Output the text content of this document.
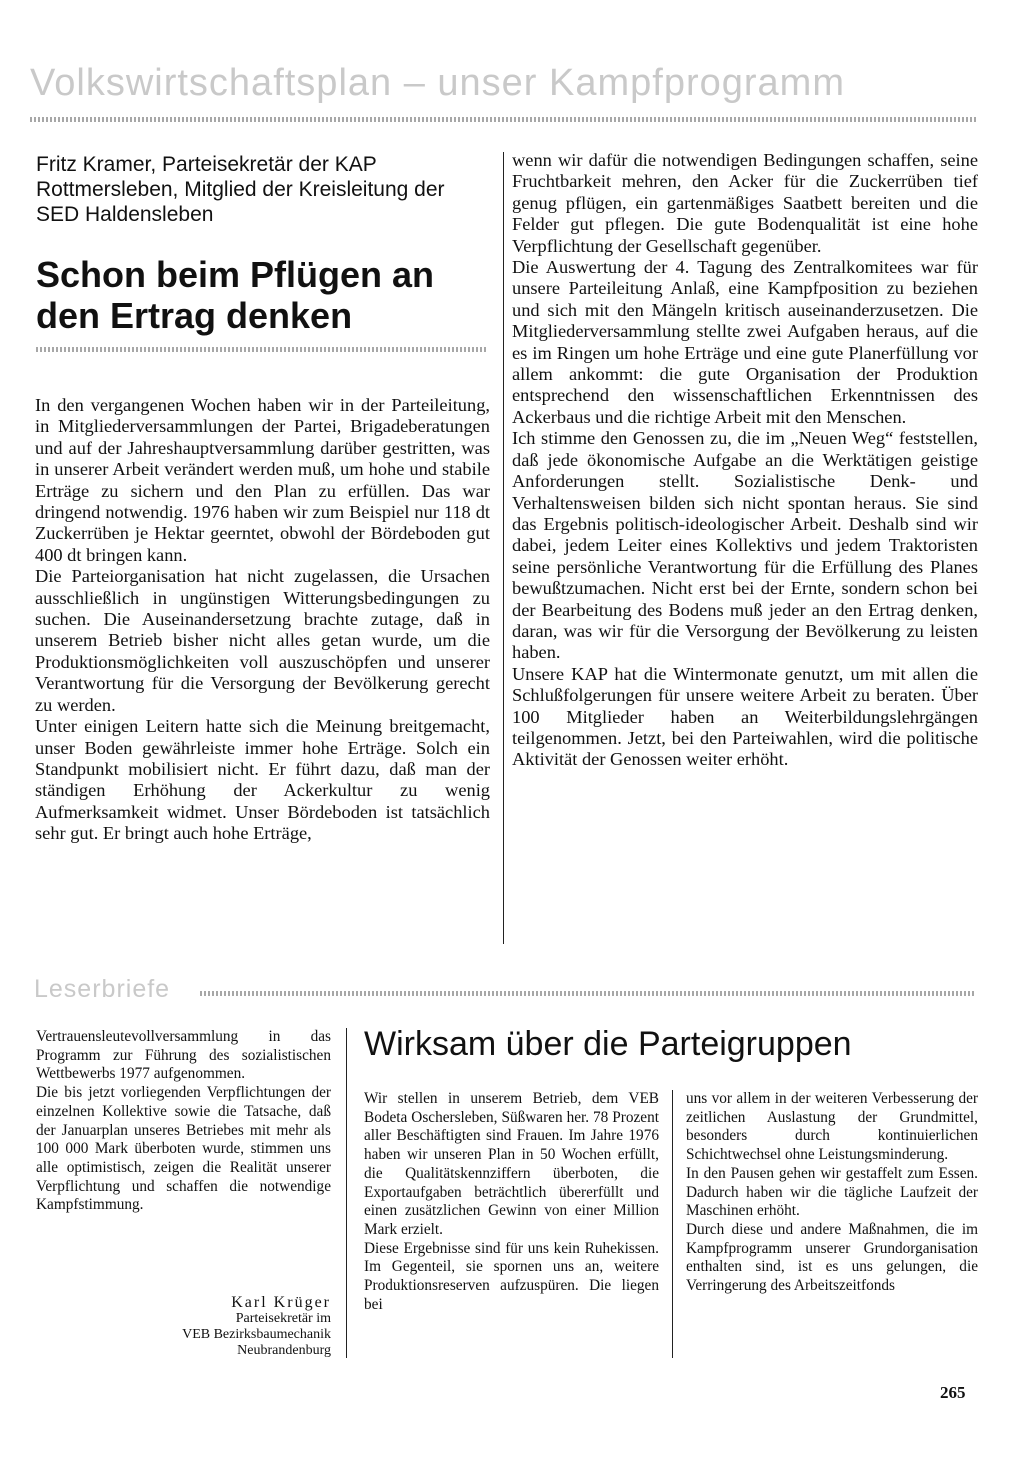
Volkswirtschaftsplan – unser Kampfprogramm
Fritz Kramer, Parteisekretär der KAP Rottmersleben, Mitglied der Kreisleitung der SED Haldensleben
Schon beim Pflügen an den Ertrag denken

In den vergangenen Wochen haben wir in der Parteileitung, in Mitgliederversammlungen der Partei, Brigadeberatungen und auf der Jahreshauptversammlung darüber gestritten, was in unserer Arbeit verändert werden muß, um hohe und stabile Erträge zu sichern und den Plan zu erfüllen. Das war dringend notwendig. 1976 haben wir zum Beispiel nur 118 dt Zuckerrüben je Hektar geerntet, obwohl der Bördeboden gut 400 dt bringen kann.

Die Parteiorganisation hat nicht zugelassen, die Ursachen ausschließlich in ungünstigen Witterungsbedingungen zu suchen. Die Auseinandersetzung brachte zutage, daß in unserem Betrieb bisher nicht alles getan wurde, um die Produktionsmöglichkeiten voll auszuschöpfen und unserer Verantwortung für die Versorgung der Bevölkerung gerecht zu werden.

Unter einigen Leitern hatte sich die Meinung breitgemacht, unser Boden gewährleiste immer hohe Erträge. Solch ein Standpunkt mobilisiert nicht. Er führt dazu, daß man der ständigen Erhöhung der Ackerkultur zu wenig Aufmerksamkeit widmet. Unser Bördeboden ist tatsächlich sehr gut. Er bringt auch hohe Erträge,

wenn wir dafür die notwendigen Bedingungen schaffen, seine Fruchtbarkeit mehren, den Acker für die Zuckerrüben tief genug pflügen, ein gartenmäßiges Saatbett bereiten und die Felder gut pflegen. Die gute Bodenqualität ist eine hohe Verpflichtung der Gesellschaft gegenüber.

Die Auswertung der 4. Tagung des Zentralkomitees war für unsere Parteileitung Anlaß, eine Kampfposition zu beziehen und sich mit den Mängeln kritisch auseinanderzusetzen. Die Mitgliederversammlung stellte zwei Aufgaben heraus, auf die es im Ringen um hohe Erträge und eine gute Planerfüllung vor allem ankommt: die gute Organisation der Produktion entsprechend den wissenschaftlichen Erkenntnissen des Ackerbaus und die richtige Arbeit mit den Menschen.

Ich stimme den Genossen zu, die im „Neuen Weg“ feststellen, daß jede ökonomische Aufgabe an die Werktätigen geistige Anforderungen stellt. Sozialistische Denk- und Verhaltensweisen bilden sich nicht spontan heraus. Sie sind das Ergebnis politisch-ideologischer Arbeit. Deshalb sind wir dabei, jedem Leiter eines Kollektivs und jedem Traktoristen seine persönliche Verantwortung für die Erfüllung des Planes bewußtzumachen. Nicht erst bei der Ernte, sondern schon bei der Bearbeitung des Bodens muß jeder an den Ertrag denken, daran, was wir für die Versorgung der Bevölkerung zu leisten haben.

Unsere KAP hat die Wintermonate genutzt, um mit allen die Schlußfolgerungen für unsere weitere Arbeit zu beraten. Über 100 Mitglieder haben an Weiterbildungslehrgängen teilgenommen. Jetzt, bei den Parteiwahlen, wird die politische Aktivität der Genossen weiter erhöht.

Leserbriefe

Vertrauensleutevollversammlung in das Programm zur Führung des sozialistischen Wettbewerbs 1977 aufgenommen.

Die bis jetzt vorliegenden Verpflichtungen der einzelnen Kollektive sowie die Tatsache, daß der Januarplan unseres Betriebes mit mehr als 100 000 Mark überboten wurde, stimmen uns alle optimistisch, zeigen die Realität unserer Verpflichtung und schaffen die notwendige Kampfstimmung.

Karl Krüger
Parteisekretär im
VEB Bezirksbaumechanik
Neubrandenburg
Wirksam über die Parteigruppen

Wir stellen in unserem Betrieb, dem VEB Bodeta Oschersleben, Süßwaren her. 78 Prozent aller Beschäftigten sind Frauen. Im Jahre 1976 haben wir unseren Plan in 50 Wochen erfüllt, die Qualitätskennziffern überboten, die Exportaufgaben beträchtlich übererfüllt und einen zusätzlichen Gewinn von einer Million Mark erzielt.

Diese Ergebnisse sind für uns kein Ruhekissen. Im Gegenteil, sie spornen uns an, weitere Produktionsreserven aufzuspüren. Die liegen bei

uns vor allem in der weiteren Verbesserung der zeitlichen Auslastung der Grundmittel, besonders durch kontinuierlichen Schichtwechsel ohne Leistungsminderung.

In den Pausen gehen wir gestaffelt zum Essen. Dadurch haben wir die tägliche Laufzeit der Maschinen erhöht.

Durch diese und andere Maßnahmen, die im Kampfprogramm unserer Grundorganisation enthalten sind, ist es uns gelungen, die Verringerung des Arbeitszeitfonds

265
